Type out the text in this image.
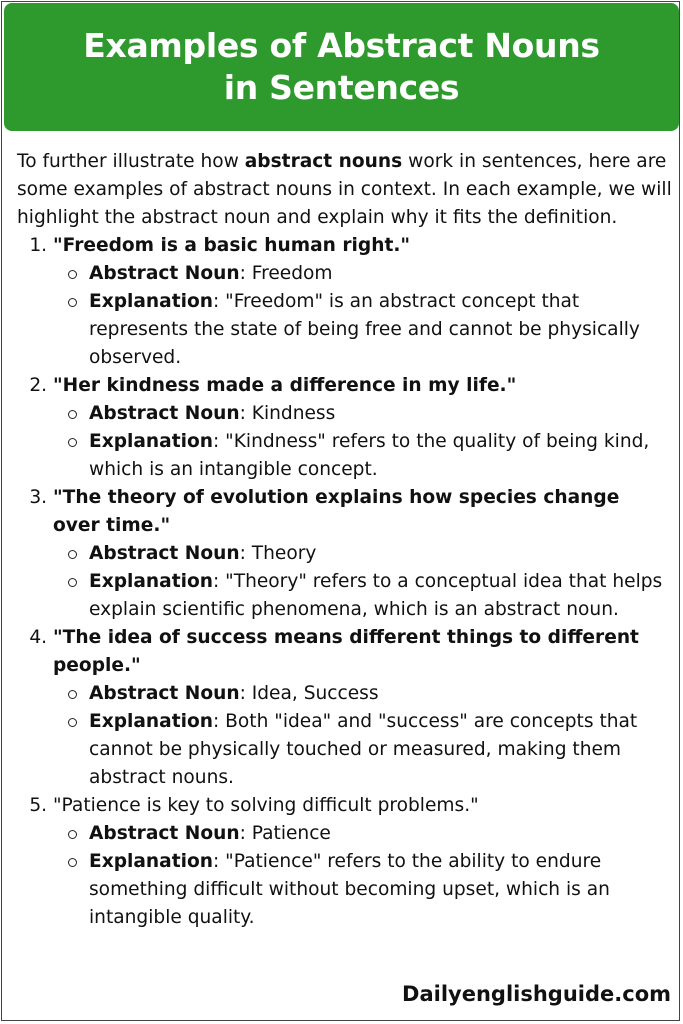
Examples of Abstract Nouns
in Sentences

To further illustrate how abstract nouns work in sentences, here are some examples of abstract nouns in context. In each example, we will highlight the abstract noun and explain why it fits the definition.

1. "Freedom is a basic human right."
Abstract Noun: Freedom
Explanation: "Freedom" is an abstract concept that represents the state of being free and cannot be physically observed.
2. "Her kindness made a difference in my life."
Abstract Noun: Kindness
Explanation: "Kindness" refers to the quality of being kind, which is an intangible concept.
3. "The theory of evolution explains how species change over time."
Abstract Noun: Theory
Explanation: "Theory" refers to a conceptual idea that helps explain scientific phenomena, which is an abstract noun.
4. "The idea of success means different things to different people."
Abstract Noun: Idea, Success
Explanation: Both "idea" and "success" are concepts that cannot be physically touched or measured, making them abstract nouns.
5. "Patience is key to solving difficult problems."
Abstract Noun: Patience
Explanation: "Patience" refers to the ability to endure something difficult without becoming upset, which is an intangible quality.
Dailyenglishguide.com
